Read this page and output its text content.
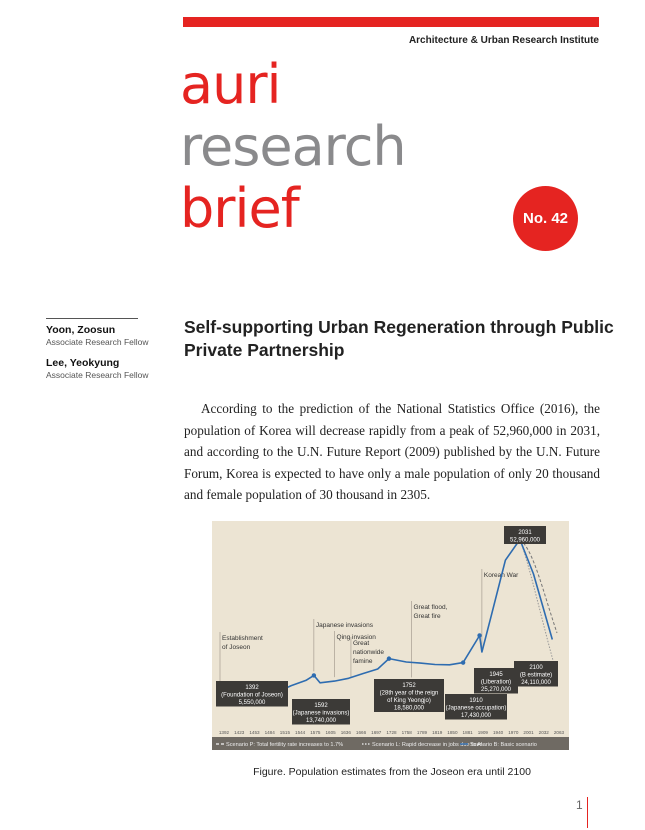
Architecture & Urban Research Institute
auri
research
brief	No. 42
Yoon, Zoosun
Associate Research Fellow
Lee, Yeokyung
Associate Research Fellow
Self-supporting Urban Regeneration through Public Private Partnership
According to the prediction of the National Statistics Office (2016), the population of Korea will decrease rapidly from a peak of 52,960,000 in 2031, and according to the U.N. Future Report (2009) published by the U.N. Future Forum, Korea is expected to have only a male population of only 20 thousand and female population of 30 thousand in 2305.
Establishment
of Joseon
Japanese invasions
Qing invasion
Great
nationwide
famine
Great flood,
Great fire
Korean War
1392
(Foundation of Joseon)
5,550,000	1592
(Japanese invasions)
13,740,000
1752
(28th year of the reign
of King Yeongjo)
18,580,000
1910
(Japanese occupation)
17,430,000
1945
(Liberation)
25,270,000
2031
52,960,000
2100
(B estimate)
24,110,000
1392 1423 1453 1484 1515 1544 1575 1605 1636 1666 1697 1728 1758 1789 1819 1850 1881 1909 1940 1970 2001 2032 2063
Scenario P: Total fertility rate increases to 1.7%	Scenario L: Rapid decrease in jobs due to AI
Scenario B: Basic scenario
Figure. Population estimates from the Joseon era until 2100
1
